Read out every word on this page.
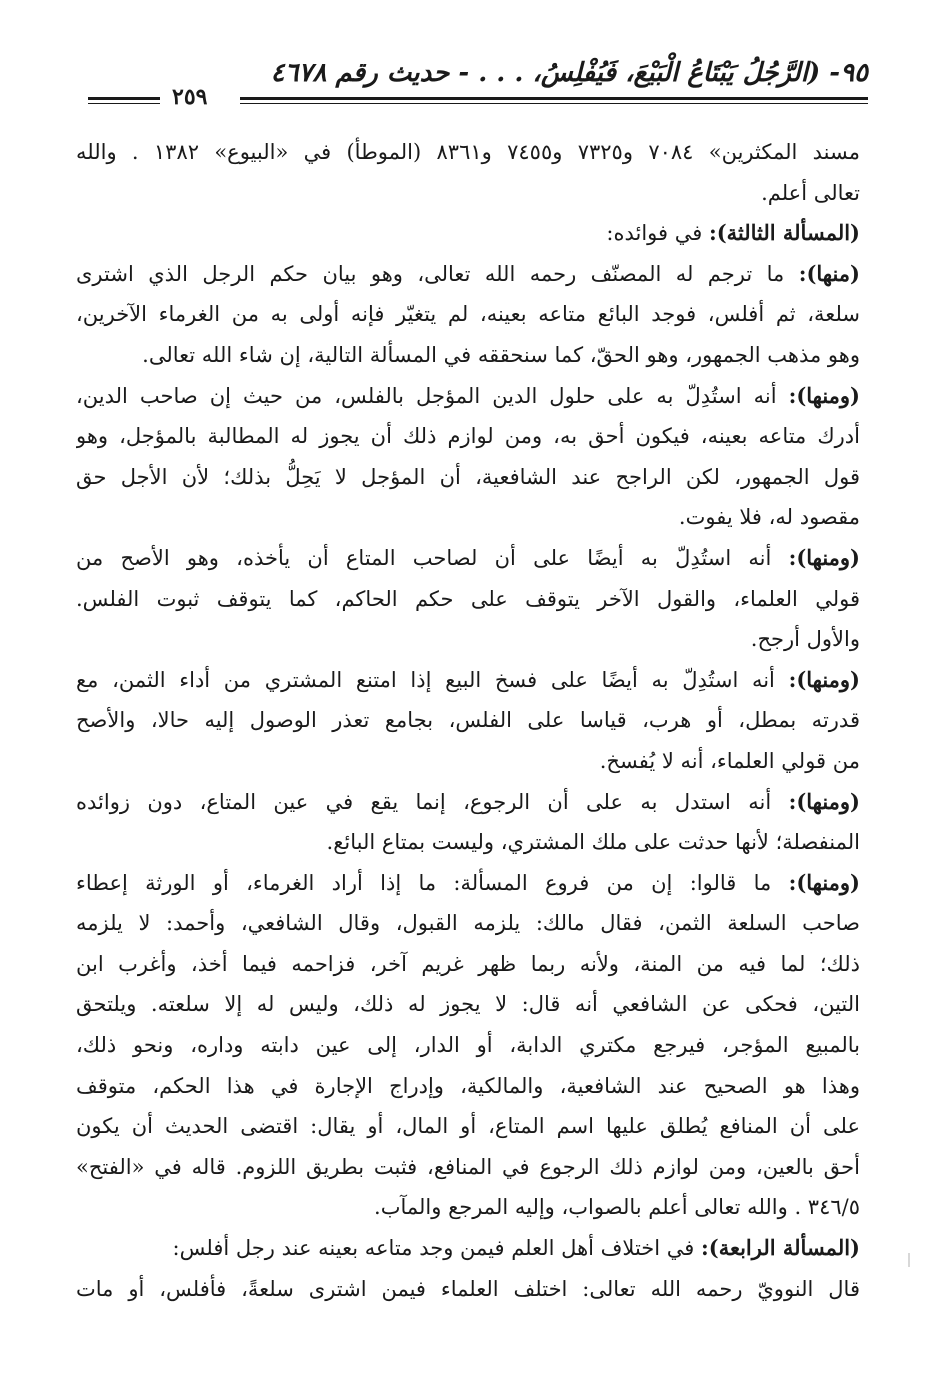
٩٥- (الرَّجُلُ يَبْتَاعُ الْبَيْعَ، فَيُفْلِسُ، . . . - حديث رقم ٤٦٧٨
٢٥٩
مسند المكثرين» ٧٠٨٤ و٧٣٢٥ و٧٤٥٥ و٨٣٦١ (الموطأ) في «البيوع» ١٣٨٢ . والله
تعالى أعلم.
(المسألة الثالثة): في فوائده:
(منها): ما ترجم له المصنّف رحمه الله تعالى، وهو بيان حكم الرجل الذي اشترى
سلعة، ثم أفلس، فوجد البائع متاعه بعينه، لم يتغيّر فإنه أولى به من الغرماء الآخرين،
وهو مذهب الجمهور، وهو الحقّ، كما سنحققه في المسألة التالية، إن شاء الله تعالى.
(ومنها): أنه استُدِلّ به على حلول الدين المؤجل بالفلس، من حيث إن صاحب الدين،
أدرك متاعه بعينه، فيكون أحق به، ومن لوازم ذلك أن يجوز له المطالبة بالمؤجل، وهو
قول الجمهور، لكن الراجح عند الشافعية، أن المؤجل لا يَحِلُّ بذلك؛ لأن الأجل حق
مقصود له، فلا يفوت.
(ومنها): أنه استُدِلّ به أيضًا على أن لصاحب المتاع أن يأخذه، وهو الأصح من
قولي العلماء، والقول الآخر يتوقف على حكم الحاكم، كما يتوقف ثبوت الفلس.
والأول أرجح.
(ومنها): أنه استُدِلّ به أيضًا على فسخ البيع إذا امتنع المشتري من أداء الثمن، مع
قدرته بمطل، أو هرب، قياسا على الفلس، بجامع تعذر الوصول إليه حالا، والأصح
من قولي العلماء، أنه لا يُفسخ.
(ومنها): أنه استدل به على أن الرجوع، إنما يقع في عين المتاع، دون زوائده
المنفصلة؛ لأنها حدثت على ملك المشتري، وليست بمتاع البائع.
(ومنها): ما قالوا: إن من فروع المسألة: ما إذا أراد الغرماء، أو الورثة إعطاء
صاحب السلعة الثمن، فقال مالك: يلزمه القبول، وقال الشافعي، وأحمد: لا يلزمه
ذلك؛ لما فيه من المنة، ولأنه ربما ظهر غريم آخر، فزاحمه فيما أخذ، وأغرب ابن
التين، فحكى عن الشافعي أنه قال: لا يجوز له ذلك، وليس له إلا سلعته. ويلتحق
بالمبيع المؤجر، فيرجع مكتري الدابة، أو الدار، إلى عين دابته وداره، ونحو ذلك،
وهذا هو الصحيح عند الشافعية، والمالكية، وإدراج الإجارة في هذا الحكم، متوقف
على أن المنافع يُطلق عليها اسم المتاع، أو المال، أو يقال: اقتضى الحديث أن يكون
أحق بالعين، ومن لوازم ذلك الرجوع في المنافع، فثبت بطريق اللزوم. قاله في «الفتح»
٣٤٦/٥ . والله تعالى أعلم بالصواب، وإليه المرجع والمآب.
(المسألة الرابعة): في اختلاف أهل العلم فيمن وجد متاعه بعينه عند رجل أفلس:
قال النوويّ رحمه الله تعالى: اختلف العلماء فيمن اشترى سلعةً، فأفلس، أو مات
